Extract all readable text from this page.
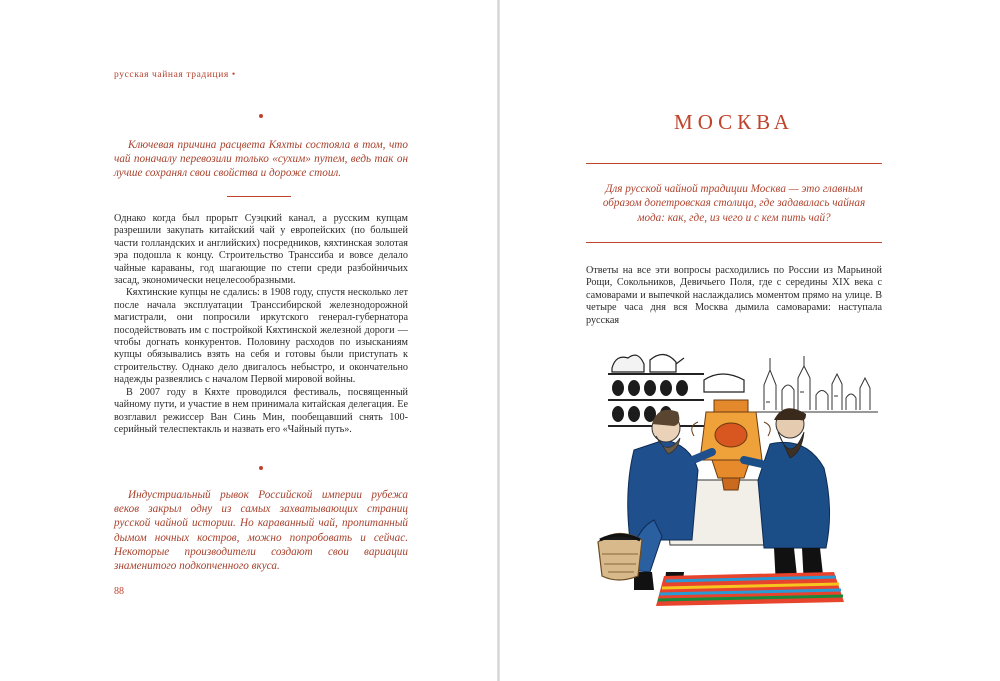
русская чайная традиция •

Ключевая причина расцвета Кяхты состояла в том, что чай поначалу перевозили только «сухим» путем, ведь так он лучше сохранял свои свойства и дороже стоил.

Однако когда был прорыт Суэцкий канал, а русским купцам разрешили закупать китайский чай у европейских (по большей части голландских и английских) посредников, кяхтинская золотая эра подошла к концу. Строительство Транссиба и вовсе делало чайные караваны, год шагающие по степи среди разбойничьих засад, экономически нецелесообразными.

Кяхтинские купцы не сдались: в 1908 году, спустя несколько лет после начала эксплуатации Транссибирской железнодорожной магистрали, они попросили иркутского генерал-губернатора посодействовать им с постройкой Кяхтинской железной дороги — чтобы догнать конкурентов. Половину расходов по изысканиям купцы обязывались взять на себя и готовы были приступать к строительству. Однако дело двигалось небыстро, и окончательно надежды развеялись с началом Первой мировой войны.

В 2007 году в Кяхте проводился фестиваль, посвященный чайному пути, и участие в нем принимала китайская делегация. Ее возглавил режиссер Ван Синь Мин, пообещавший снять 100-серийный телеспектакль и назвать его «Чайный путь».

Индустриальный рывок Российской империи рубежа веков закрыл одну из самых захватывающих страниц русской чайной истории. Но караванный чай, пропитанный дымом ночных костров, можно попробовать и сейчас. Некоторые производители создают свои вариации знаменитого подкопченного вкуса.

88
МОСКВА
Для русской чайной традиции Москва — это главным образом допетровская столица, где задавалась чайная мода: как, где, из чего и с кем пить чай?

Ответы на все эти вопросы расходились по России из Марьиной Рощи, Сокольников, Девичьего Поля, где с середины XIX века с самоварами и выпечкой наслаждались моментом прямо на улице. В четыре часа дня вся Москва дымила самоварами: наступала русская
